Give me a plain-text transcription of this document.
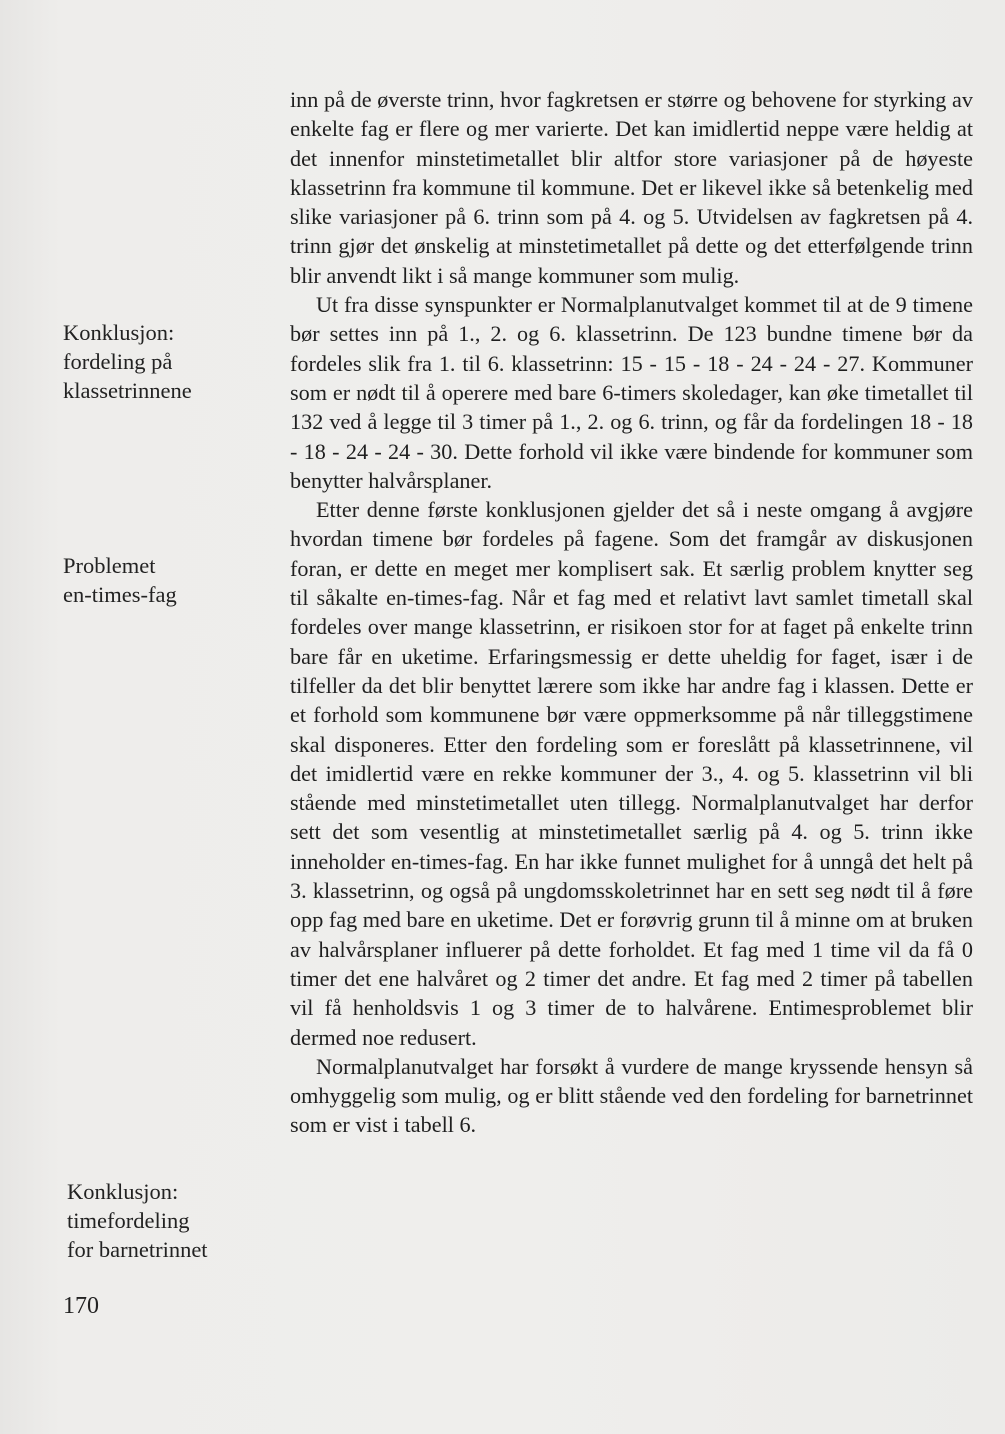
Konklusjon:
fordeling på
klassetrinnene
Problemet
en-times-fag
Konklusjon:
timefordeling
for barnetrinnet

inn på de øverste trinn, hvor fagkretsen er større og behovene for styrking av enkelte fag er flere og mer varierte. Det kan imidlertid neppe være heldig at det innenfor minstetimetallet blir altfor store variasjoner på de høyeste klassetrinn fra kommune til kommune. Det er likevel ikke så betenkelig med slike variasjoner på 6. trinn som på 4. og 5. Utvidelsen av fagkretsen på 4. trinn gjør det ønskelig at minstetimetallet på dette og det etterfølgende trinn blir anvendt likt i så mange kommuner som mulig.

Ut fra disse synspunkter er Normalplanutvalget kommet til at de 9 timene bør settes inn på 1., 2. og 6. klassetrinn. De 123 bundne timene bør da fordeles slik fra 1. til 6. klassetrinn: 15 - 15 - 18 - 24 - 24 - 27. Kommuner som er nødt til å operere med bare 6-timers skoledager, kan øke timetallet til 132 ved å legge til 3 timer på 1., 2. og 6. trinn, og får da fordelingen 18 - 18 - 18 - 24 - 24 - 30. Dette forhold vil ikke være bindende for kommuner som benytter halvårsplaner.

Etter denne første konklusjonen gjelder det så i neste omgang å avgjøre hvordan timene bør fordeles på fagene. Som det framgår av diskusjonen foran, er dette en meget mer komplisert sak. Et særlig problem knytter seg til såkalte en-times-fag. Når et fag med et relativt lavt samlet timetall skal fordeles over mange klassetrinn, er risikoen stor for at faget på enkelte trinn bare får en uketime. Erfaringsmessig er dette uheldig for faget, især i de tilfeller da det blir benyttet lærere som ikke har andre fag i klassen. Dette er et forhold som kommunene bør være oppmerksomme på når tilleggstimene skal disponeres. Etter den fordeling som er foreslått på klassetrinnene, vil det imidlertid være en rekke kommuner der 3., 4. og 5. klassetrinn vil bli stående med minstetimetallet uten tillegg. Normalplanutvalget har derfor sett det som vesentlig at minstetimetallet særlig på 4. og 5. trinn ikke inneholder en-times-fag. En har ikke funnet mulighet for å unngå det helt på 3. klassetrinn, og også på ungdomsskoletrinnet har en sett seg nødt til å føre opp fag med bare en uketime. Det er forøvrig grunn til å minne om at bruken av halvårsplaner influerer på dette forholdet. Et fag med 1 time vil da få 0 timer det ene halvåret og 2 timer det andre. Et fag med 2 timer på tabellen vil få henholdsvis 1 og 3 timer de to halvårene. Entimesproblemet blir dermed noe redusert.

Normalplanutvalget har forsøkt å vurdere de mange kryssende hensyn så omhyggelig som mulig, og er blitt stående ved den fordeling for barnetrinnet som er vist i tabell 6.

170
